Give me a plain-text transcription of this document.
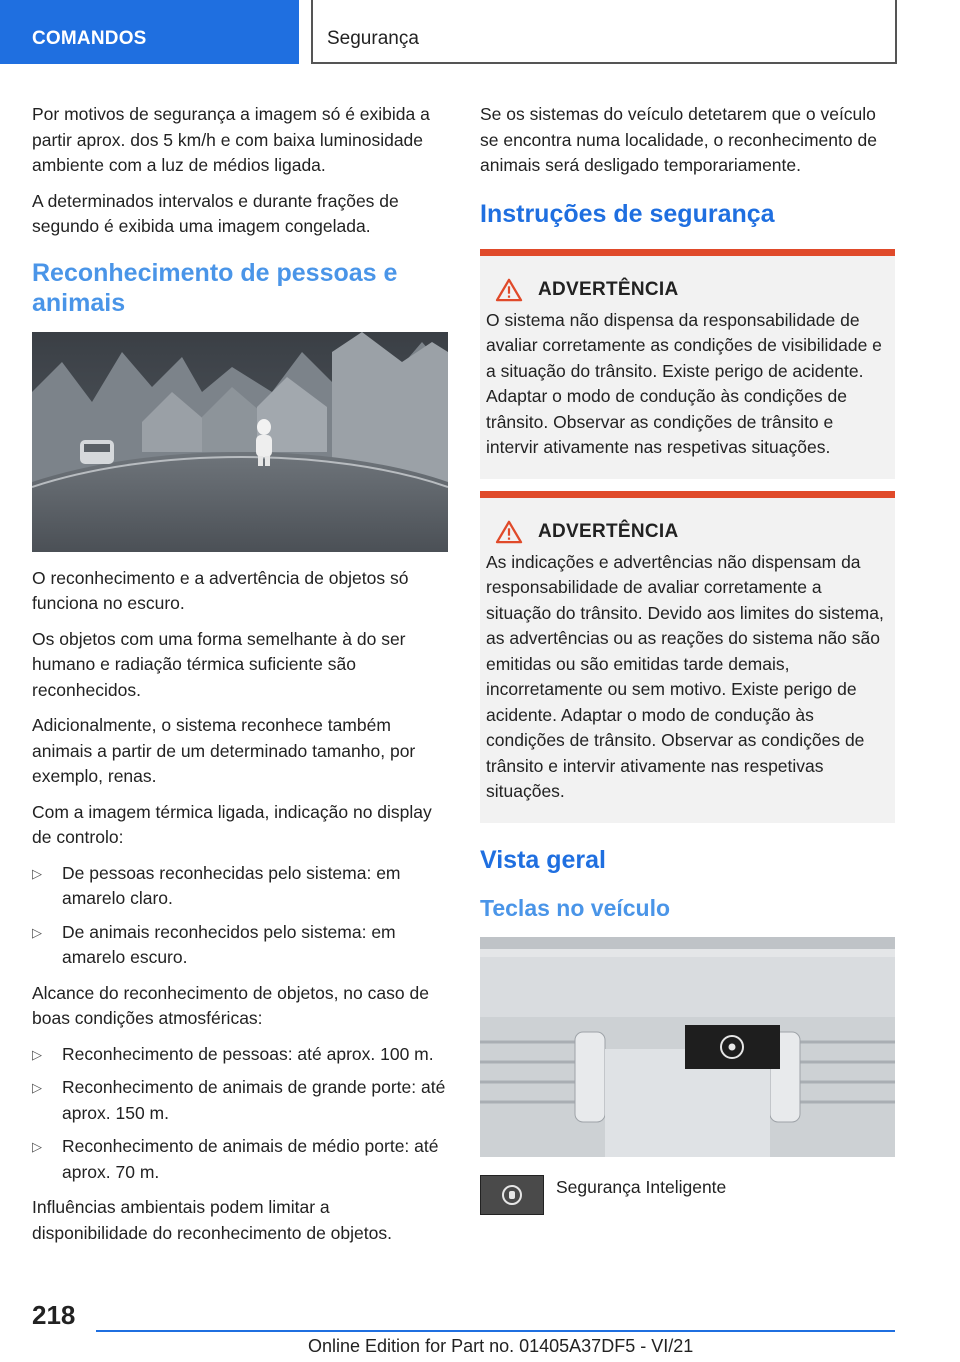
COMANDOS	Segurança

Por motivos de segurança a imagem só é exibida a partir aprox. dos 5 km/h e com baixa luminosidade ambiente com a luz de médios ligada.

A determinados intervalos e durante frações de segundo é exibida uma imagem congelada.

Reconhecimento de pessoas e animais

O reconhecimento e a advertência de objetos só funciona no escuro.

Os objetos com uma forma semelhante à do ser humano e radiação térmica suficiente são reconhecidos.

Adicionalmente, o sistema reconhece também animais a partir de um determinado tamanho, por exemplo, renas.

Com a imagem térmica ligada, indicação no display de controlo:

▷ De pessoas reconhecidas pelo sistema: em amarelo claro.
▷ De animais reconhecidos pelo sistema: em amarelo escuro.

Alcance do reconhecimento de objetos, no caso de boas condições atmosféricas:

▷ Reconhecimento de pessoas: até aprox. 100 m.
▷ Reconhecimento de animais de grande porte: até aprox. 150 m.
▷ Reconhecimento de animais de médio porte: até aprox. 70 m.

Influências ambientais podem limitar a disponibilidade do reconhecimento de objetos.

Se os sistemas do veículo detetarem que o veículo se encontra numa localidade, o reconhecimento de animais será desligado temporariamente.

Instruções de segurança
ADVERTÊNCIA

O sistema não dispensa da responsabilidade de avaliar corretamente as condições de visibilidade e a situação do trânsito. Existe perigo de acidente. Adaptar o modo de condução às condições de trânsito. Observar as condições de trânsito e intervir ativamente nas respetivas situações.

ADVERTÊNCIA

As indicações e advertências não dispensam da responsabilidade de avaliar corretamente a situação do trânsito. Devido aos limites do sistema, as advertências ou as reações do sistema não são emitidas ou são emitidas tarde demais, incorretamente ou sem motivo. Existe perigo de acidente. Adaptar o modo de condução às condições de trânsito. Observar as condições de trânsito e intervir ativamente nas respetivas situações.

Vista geral
Teclas no veículo
Segurança Inteligente
218
Online Edition for Part no. 01405A37DF5 - VI/21
